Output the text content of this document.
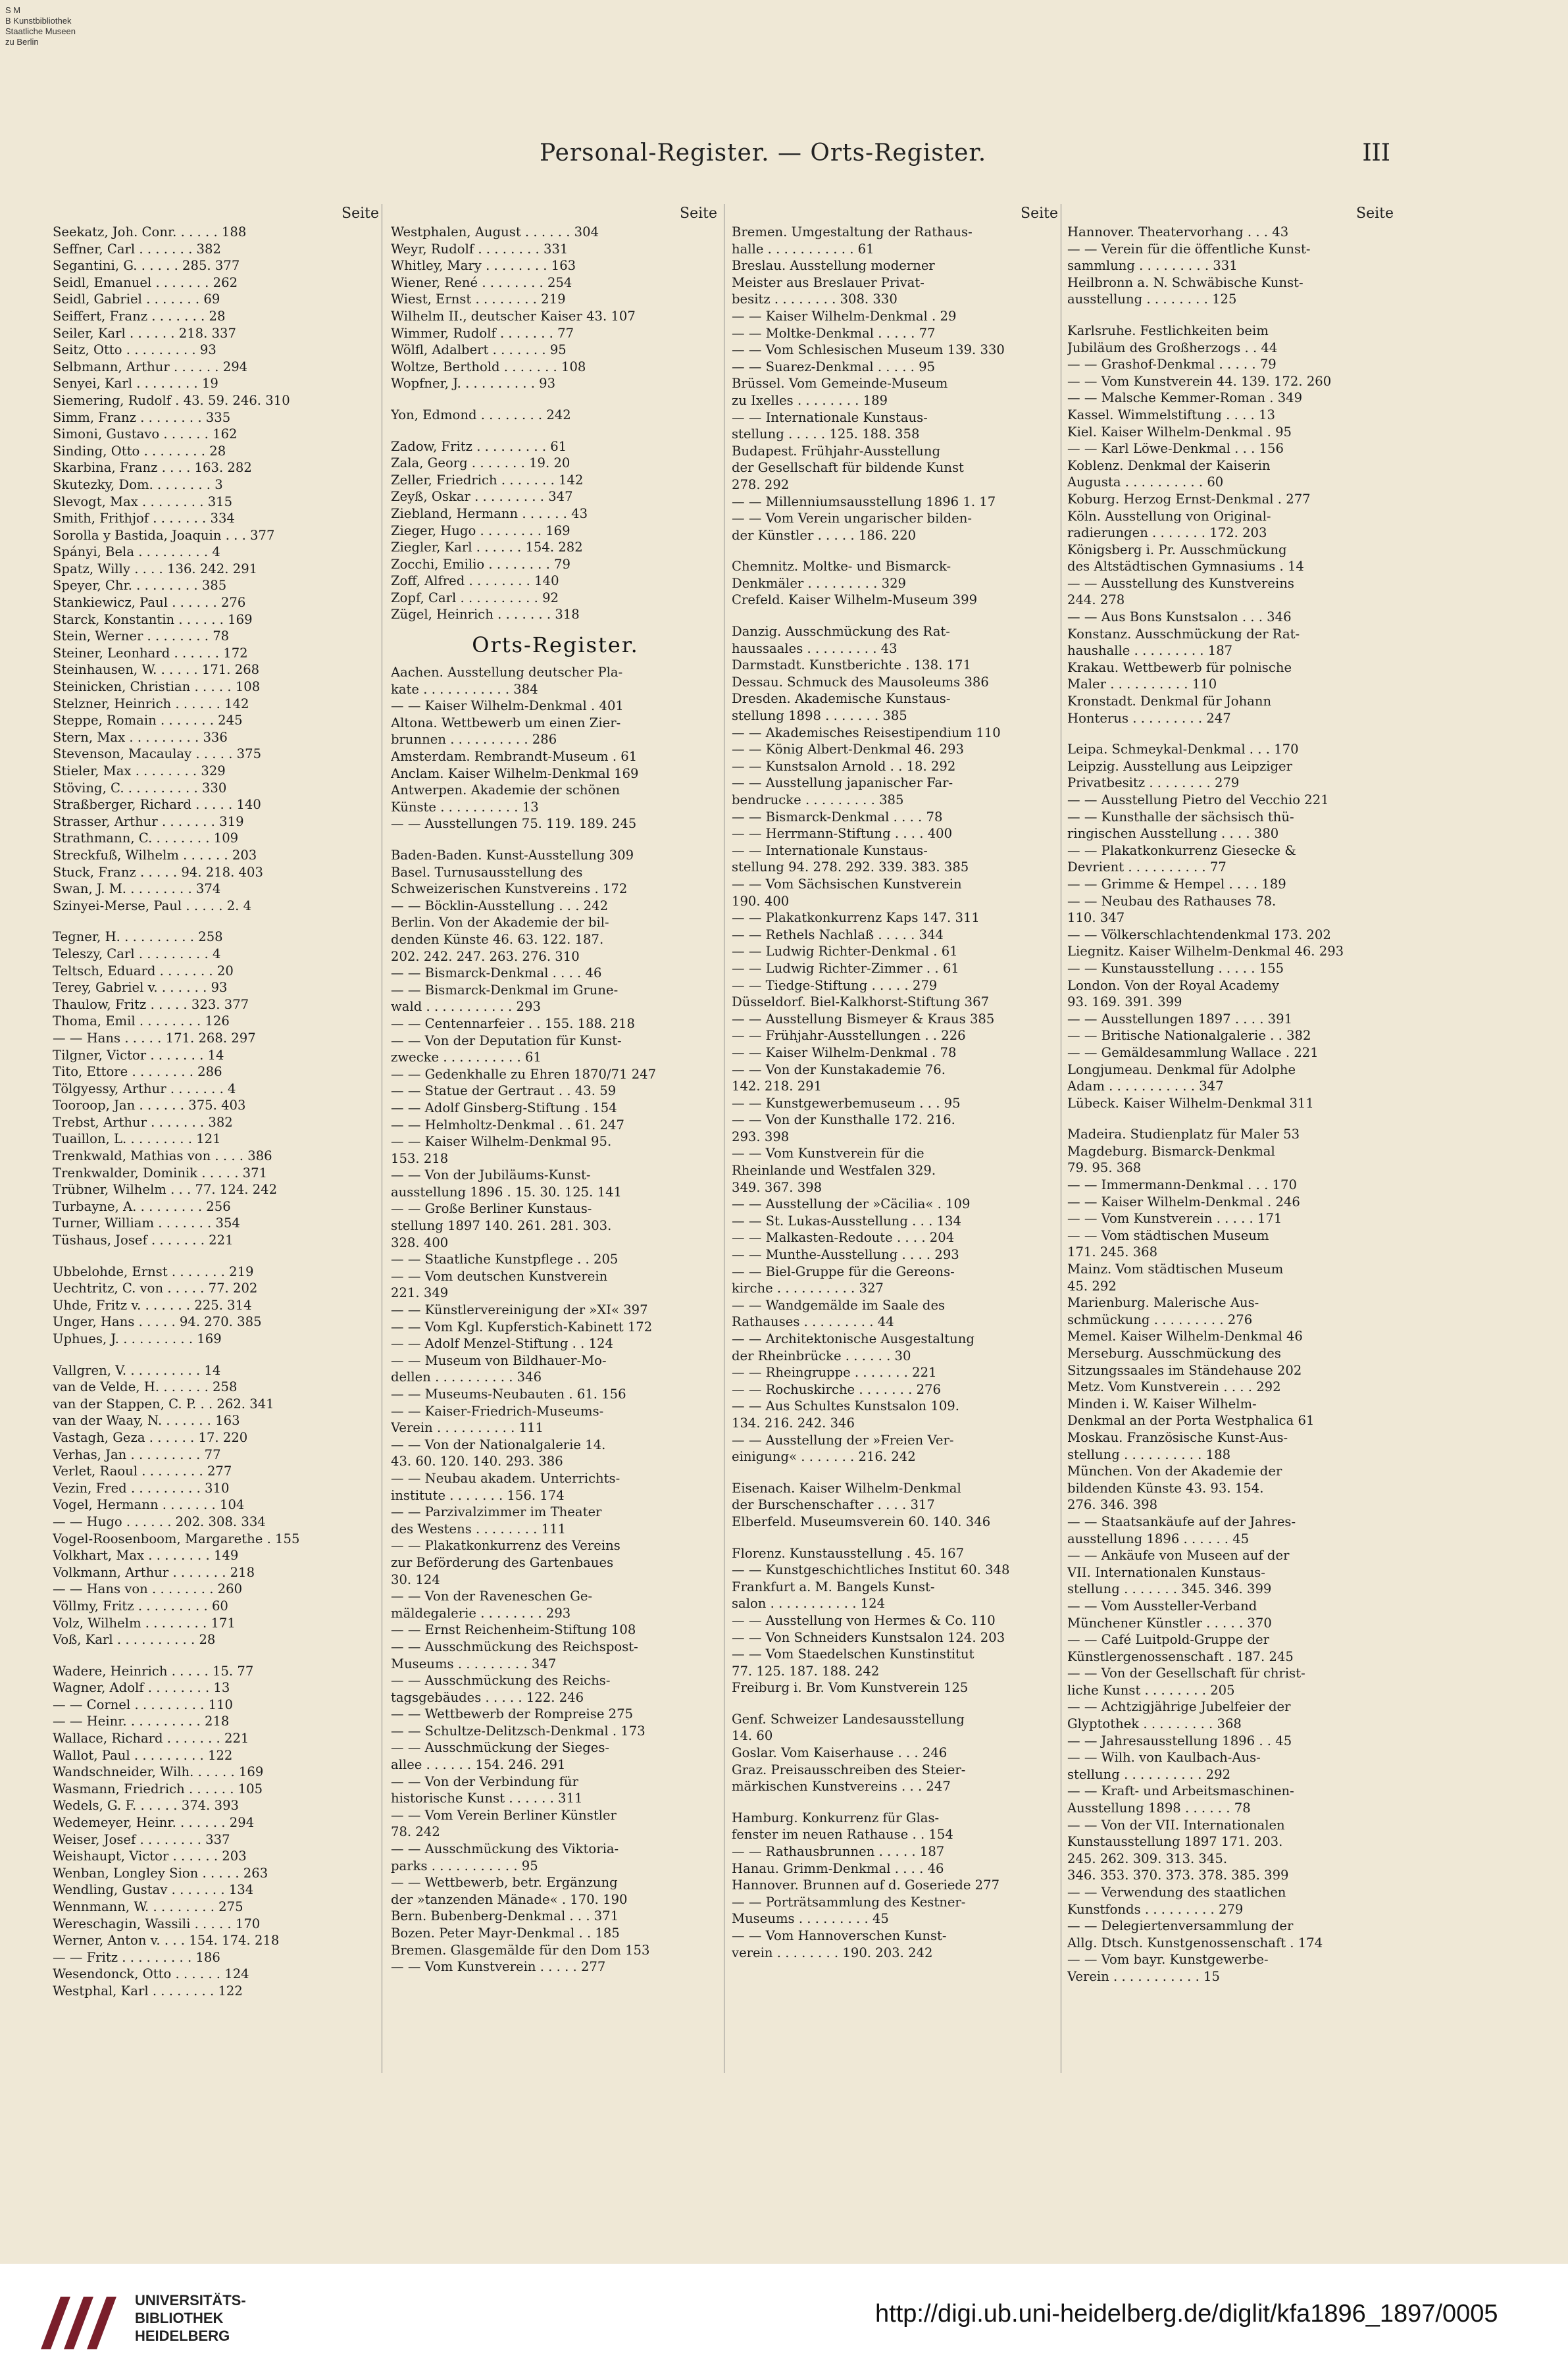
S M
B Kunstbibliothek
Staatliche Museen
zu Berlin
Personal-Register. — Orts-Register.	III
Seite
Seekatz, Joh. Conr. . . . . . 188
Seffner, Carl . . . . . . . 382
Segantini, G. . . . . . 285. 377
Seidl, Emanuel . . . . . . . 262
Seidl, Gabriel . . . . . . . 69
Seiffert, Franz . . . . . . . 28
Seiler, Karl . . . . . . 218. 337
Seitz, Otto . . . . . . . . . 93
Selbmann, Arthur . . . . . . 294
Senyei, Karl . . . . . . . . 19
Siemering, Rudolf . 43. 59. 246. 310
Simm, Franz . . . . . . . . 335
Simoni, Gustavo . . . . . . 162
Sinding, Otto . . . . . . . . 28
Skarbina, Franz . . . . 163. 282
Skutezky, Dom. . . . . . . . 3
Slevogt, Max . . . . . . . . 315
Smith, Frithjof . . . . . . . 334
Sorolla y Bastida, Joaquin . . . 377
Spányi, Bela . . . . . . . . . 4
Spatz, Willy . . . . 136. 242. 291
Speyer, Chr. . . . . . . . . 385
Stankiewicz, Paul . . . . . . 276
Starck, Konstantin . . . . . . 169
Stein, Werner . . . . . . . . 78
Steiner, Leonhard . . . . . . 172
Steinhausen, W. . . . . . 171. 268
Steinicken, Christian . . . . . 108
Stelzner, Heinrich . . . . . . 142
Steppe, Romain . . . . . . . 245
Stern, Max . . . . . . . . . 336
Stevenson, Macaulay . . . . . 375
Stieler, Max . . . . . . . . 329
Stöving, C. . . . . . . . . . 330
Straßberger, Richard . . . . . 140
Strasser, Arthur . . . . . . . 319
Strathmann, C. . . . . . . . 109
Streckfuß, Wilhelm . . . . . . 203
Stuck, Franz . . . . . 94. 218. 403
Swan, J. M. . . . . . . . . 374
Szinyei-Merse, Paul . . . . . 2. 4
Tegner, H. . . . . . . . . . 258
Teleszy, Carl . . . . . . . . . 4
Teltsch, Eduard . . . . . . . 20
Terey, Gabriel v. . . . . . . 93
Thaulow, Fritz . . . . . 323. 377
Thoma, Emil . . . . . . . . 126
— — Hans . . . . . 171. 268. 297
Tilgner, Victor . . . . . . . 14
Tito, Ettore . . . . . . . . 286
Tölgyessy, Arthur . . . . . . . 4
Tooroop, Jan . . . . . . 375. 403
Trebst, Arthur . . . . . . . 382
Tuaillon, L. . . . . . . . . 121
Trenkwald, Mathias von . . . . 386
Trenkwalder, Dominik . . . . . 371
Trübner, Wilhelm . . . 77. 124. 242
Turbayne, A. . . . . . . . . 256
Turner, William . . . . . . . 354
Tüshaus, Josef . . . . . . . 221
Ubbelohde, Ernst . . . . . . . 219
Uechtritz, C. von . . . . . 77. 202
Uhde, Fritz v. . . . . . . 225. 314
Unger, Hans . . . . . 94. 270. 385
Uphues, J. . . . . . . . . . 169
Vallgren, V. . . . . . . . . . 14
van de Velde, H. . . . . . . 258
van der Stappen, C. P. . . 262. 341
van der Waay, N. . . . . . . 163
Vastagh, Geza . . . . . . 17. 220
Verhas, Jan . . . . . . . . . 77
Verlet, Raoul . . . . . . . . 277
Vezin, Fred . . . . . . . . . 310
Vogel, Hermann . . . . . . . 104
— — Hugo . . . . . . 202. 308. 334
Vogel-Roosenboom, Margarethe . 155
Volkhart, Max . . . . . . . . 149
Volkmann, Arthur . . . . . . . 218
— — Hans von . . . . . . . . 260
Völlmy, Fritz . . . . . . . . . 60
Volz, Wilhelm . . . . . . . . 171
Voß, Karl . . . . . . . . . . 28
Wadere, Heinrich . . . . . 15. 77
Wagner, Adolf . . . . . . . . 13
— — Cornel . . . . . . . . . 110
— — Heinr. . . . . . . . . . 218
Wallace, Richard . . . . . . . 221
Wallot, Paul . . . . . . . . . 122
Wandschneider, Wilh. . . . . . 169
Wasmann, Friedrich . . . . . . 105
Wedels, G. F. . . . . . 374. 393
Wedemeyer, Heinr. . . . . . . 294
Weiser, Josef . . . . . . . . 337
Weishaupt, Victor . . . . . . 203
Wenban, Longley Sion . . . . . 263
Wendling, Gustav . . . . . . . 134
Wennmann, W. . . . . . . . . 275
Wereschagin, Wassili . . . . . 170
Werner, Anton v. . . . 154. 174. 218
— — Fritz . . . . . . . . . 186
Wesendonck, Otto . . . . . . 124
Westphal, Karl . . . . . . . . 122
Seite
Westphalen, August . . . . . . 304
Weyr, Rudolf . . . . . . . . 331
Whitley, Mary . . . . . . . . 163
Wiener, René . . . . . . . . 254
Wiest, Ernst . . . . . . . . 219
Wilhelm II., deutscher Kaiser 43. 107
Wimmer, Rudolf . . . . . . . 77
Wölfl, Adalbert . . . . . . . 95
Woltze, Berthold . . . . . . . 108
Wopfner, J. . . . . . . . . . 93
Yon, Edmond . . . . . . . . 242
Zadow, Fritz . . . . . . . . . 61
Zala, Georg . . . . . . . 19. 20
Zeller, Friedrich . . . . . . . 142
Zeyß, Oskar . . . . . . . . . 347
Ziebland, Hermann . . . . . . 43
Zieger, Hugo . . . . . . . . 169
Ziegler, Karl . . . . . . 154. 282
Zocchi, Emilio . . . . . . . . 79
Zoff, Alfred . . . . . . . . 140
Zopf, Carl . . . . . . . . . . 92
Zügel, Heinrich . . . . . . . 318
Orts-Register.
Aachen. Ausstellung deutscher Pla-
kate . . . . . . . . . . . 384
— — Kaiser Wilhelm-Denkmal . 401
Altona. Wettbewerb um einen Zier-
brunnen . . . . . . . . . . 286
Amsterdam. Rembrandt-Museum . 61
Anclam. Kaiser Wilhelm-Denkmal 169
Antwerpen. Akademie der schönen
Künste . . . . . . . . . . 13
— — Ausstellungen 75. 119. 189. 245
Baden-Baden. Kunst-Ausstellung 309
Basel. Turnusausstellung des
Schweizerischen Kunstvereins . 172
— — Böcklin-Ausstellung . . . 242
Berlin. Von der Akademie der bil-
denden Künste 46. 63. 122. 187.
202. 242. 247. 263. 276. 310
— — Bismarck-Denkmal . . . . 46
— — Bismarck-Denkmal im Grune-
wald . . . . . . . . . . . 293
— — Centennarfeier . . 155. 188. 218
— — Von der Deputation für Kunst-
zwecke . . . . . . . . . . 61
— — Gedenkhalle zu Ehren 1870/71 247
— — Statue der Gertraut . . 43. 59
— — Adolf Ginsberg-Stiftung . 154
— — Helmholtz-Denkmal . . 61. 247
— — Kaiser Wilhelm-Denkmal 95.
153. 218
— — Von der Jubiläums-Kunst-
ausstellung 1896 . 15. 30. 125. 141
— — Große Berliner Kunstaus-
stellung 1897 140. 261. 281. 303.
328. 400
— — Staatliche Kunstpflege . . 205
— — Vom deutschen Kunstverein
221. 349
— — Künstlervereinigung der »XI« 397
— — Vom Kgl. Kupferstich-Kabinett 172
— — Adolf Menzel-Stiftung . . 124
— — Museum von Bildhauer-Mo-
dellen . . . . . . . . . . 346
— — Museums-Neubauten . 61. 156
— — Kaiser-Friedrich-Museums-
Verein . . . . . . . . . . 111
— — Von der Nationalgalerie 14.
43. 60. 120. 140. 293. 386
— — Neubau akadem. Unterrichts-
institute . . . . . . . 156. 174
— — Parzivalzimmer im Theater
des Westens . . . . . . . . 111
— — Plakatkonkurrenz des Vereins
zur Beförderung des Gartenbaues
30. 124
— — Von der Raveneschen Ge-
mäldegalerie . . . . . . . . 293
— — Ernst Reichenheim-Stiftung 108
— — Ausschmückung des Reichspost-
Museums . . . . . . . . . 347
— — Ausschmückung des Reichs-
tagsgebäudes . . . . . 122. 246
— — Wettbewerb der Rompreise 275
— — Schultze-Delitzsch-Denkmal . 173
— — Ausschmückung der Sieges-
allee . . . . . . 154. 246. 291
— — Von der Verbindung für
historische Kunst . . . . . . 311
— — Vom Verein Berliner Künstler
78. 242
— — Ausschmückung des Viktoria-
parks . . . . . . . . . . . 95
— — Wettbewerb, betr. Ergänzung
der »tanzenden Mänade« . 170. 190
Bern. Bubenberg-Denkmal . . . 371
Bozen. Peter Mayr-Denkmal . . 185
Bremen. Glasgemälde für den Dom 153
— — Vom Kunstverein . . . . . 277
Seite
Bremen. Umgestaltung der Rathaus-
halle . . . . . . . . . . . 61
Breslau. Ausstellung moderner
Meister aus Breslauer Privat-
besitz . . . . . . . . 308. 330
— — Kaiser Wilhelm-Denkmal . 29
— — Moltke-Denkmal . . . . . 77
— — Vom Schlesischen Museum 139. 330
— — Suarez-Denkmal . . . . . 95
Brüssel. Vom Gemeinde-Museum
zu Ixelles . . . . . . . . 189
— — Internationale Kunstaus-
stellung . . . . . 125. 188. 358
Budapest. Frühjahr-Ausstellung
der Gesellschaft für bildende Kunst
278. 292
— — Millenniumsausstellung 1896 1. 17
— — Vom Verein ungarischer bilden-
der Künstler . . . . . 186. 220
Chemnitz. Moltke- und Bismarck-
Denkmäler . . . . . . . . . 329
Crefeld. Kaiser Wilhelm-Museum 399
Danzig. Ausschmückung des Rat-
haussaales . . . . . . . . . 43
Darmstadt. Kunstberichte . 138. 171
Dessau. Schmuck des Mausoleums 386
Dresden. Akademische Kunstaus-
stellung 1898 . . . . . . . 385
— — Akademisches Reisestipendium 110
— — König Albert-Denkmal 46. 293
— — Kunstsalon Arnold . . 18. 292
— — Ausstellung japanischer Far-
bendrucke . . . . . . . . . 385
— — Bismarck-Denkmal . . . . 78
— — Herrmann-Stiftung . . . . 400
— — Internationale Kunstaus-
stellung 94. 278. 292. 339. 383. 385
— — Vom Sächsischen Kunstverein
190. 400
— — Plakatkonkurrenz Kaps 147. 311
— — Rethels Nachlaß . . . . . 344
— — Ludwig Richter-Denkmal . 61
— — Ludwig Richter-Zimmer . . 61
— — Tiedge-Stiftung . . . . . 279
Düsseldorf. Biel-Kalkhorst-Stiftung 367
— — Ausstellung Bismeyer & Kraus 385
— — Frühjahr-Ausstellungen . . 226
— — Kaiser Wilhelm-Denkmal . 78
— — Von der Kunstakademie 76.
142. 218. 291
— — Kunstgewerbemuseum . . . 95
— — Von der Kunsthalle 172. 216.
293. 398
— — Vom Kunstverein für die
Rheinlande und Westfalen 329.
349. 367. 398
— — Ausstellung der »Cäcilia« . 109
— — St. Lukas-Ausstellung . . . 134
— — Malkasten-Redoute . . . . 204
— — Munthe-Ausstellung . . . . 293
— — Biel-Gruppe für die Gereons-
kirche . . . . . . . . . . 327
— — Wandgemälde im Saale des
Rathauses . . . . . . . . . 44
— — Architektonische Ausgestaltung
der Rheinbrücke . . . . . . 30
— — Rheingruppe . . . . . . . 221
— — Rochuskirche . . . . . . . 276
— — Aus Schultes Kunstsalon 109.
134. 216. 242. 346
— — Ausstellung der »Freien Ver-
einigung« . . . . . . . 216. 242
Eisenach. Kaiser Wilhelm-Denkmal
der Burschenschafter . . . . 317
Elberfeld. Museumsverein 60. 140. 346
Florenz. Kunstausstellung . 45. 167
— — Kunstgeschichtliches Institut 60. 348
Frankfurt a. M. Bangels Kunst-
salon . . . . . . . . . . . 124
— — Ausstellung von Hermes & Co. 110
— — Von Schneiders Kunstsalon 124. 203
— — Vom Staedelschen Kunstinstitut
77. 125. 187. 188. 242
Freiburg i. Br. Vom Kunstverein 125
Genf. Schweizer Landesausstellung
14. 60
Goslar. Vom Kaiserhause . . . 246
Graz. Preisausschreiben des Steier-
märkischen Kunstvereins . . . 247
Hamburg. Konkurrenz für Glas-
fenster im neuen Rathause . . 154
— — Rathausbrunnen . . . . . 187
Hanau. Grimm-Denkmal . . . . 46
Hannover. Brunnen auf d. Goseriede 277
— — Porträtsammlung des Kestner-
Museums . . . . . . . . . 45
— — Vom Hannoverschen Kunst-
verein . . . . . . . . 190. 203. 242
Seite
Hannover. Theatervorhang . . . 43
— — Verein für die öffentliche Kunst-
sammlung . . . . . . . . . 331
Heilbronn a. N. Schwäbische Kunst-
ausstellung . . . . . . . . 125
Karlsruhe. Festlichkeiten beim
Jubiläum des Großherzogs . . 44
— — Grashof-Denkmal . . . . . 79
— — Vom Kunstverein 44. 139. 172. 260
— — Malsche Kemmer-Roman . 349
Kassel. Wimmelstiftung . . . . 13
Kiel. Kaiser Wilhelm-Denkmal . 95
— — Karl Löwe-Denkmal . . . 156
Koblenz. Denkmal der Kaiserin
Augusta . . . . . . . . . . 60
Koburg. Herzog Ernst-Denkmal . 277
Köln. Ausstellung von Original-
radierungen . . . . . . . 172. 203
Königsberg i. Pr. Ausschmückung
des Altstädtischen Gymnasiums . 14
— — Ausstellung des Kunstvereins
244. 278
— — Aus Bons Kunstsalon . . . 346
Konstanz. Ausschmückung der Rat-
haushalle . . . . . . . . . 187
Krakau. Wettbewerb für polnische
Maler . . . . . . . . . . 110
Kronstadt. Denkmal für Johann
Honterus . . . . . . . . . 247
Leipa. Schmeykal-Denkmal . . . 170
Leipzig. Ausstellung aus Leipziger
Privatbesitz . . . . . . . . 279
— — Ausstellung Pietro del Vecchio 221
— — Kunsthalle der sächsisch thü-
ringischen Ausstellung . . . . 380
— — Plakatkonkurrenz Giesecke &
Devrient . . . . . . . . . . 77
— — Grimme & Hempel . . . . 189
— — Neubau des Rathauses 78.
110. 347
— — Völkerschlachtendenkmal 173. 202
Liegnitz. Kaiser Wilhelm-Denkmal 46. 293
— — Kunstausstellung . . . . . 155
London. Von der Royal Academy
93. 169. 391. 399
— — Ausstellungen 1897 . . . . 391
— — Britische Nationalgalerie . . 382
— — Gemäldesammlung Wallace . 221
Longjumeau. Denkmal für Adolphe
Adam . . . . . . . . . . . 347
Lübeck. Kaiser Wilhelm-Denkmal 311
Madeira. Studienplatz für Maler 53
Magdeburg. Bismarck-Denkmal
79. 95. 368
— — Immermann-Denkmal . . . 170
— — Kaiser Wilhelm-Denkmal . 246
— — Vom Kunstverein . . . . . 171
— — Vom städtischen Museum
171. 245. 368
Mainz. Vom städtischen Museum
45. 292
Marienburg. Malerische Aus-
schmückung . . . . . . . . . 276
Memel. Kaiser Wilhelm-Denkmal 46
Merseburg. Ausschmückung des
Sitzungssaales im Ständehause 202
Metz. Vom Kunstverein . . . . 292
Minden i. W. Kaiser Wilhelm-
Denkmal an der Porta Westphalica 61
Moskau. Französische Kunst-Aus-
stellung . . . . . . . . . . 188
München. Von der Akademie der
bildenden Künste 43. 93. 154.
276. 346. 398
— — Staatsankäufe auf der Jahres-
ausstellung 1896 . . . . . . 45
— — Ankäufe von Museen auf der
VII. Internationalen Kunstaus-
stellung . . . . . . . 345. 346. 399
— — Vom Aussteller-Verband
Münchener Künstler . . . . . 370
— — Café Luitpold-Gruppe der
Künstlergenossenschaft . 187. 245
— — Von der Gesellschaft für christ-
liche Kunst . . . . . . . . 205
— — Achtzigjährige Jubelfeier der
Glyptothek . . . . . . . . . 368
— — Jahresausstellung 1896 . . 45
— — Wilh. von Kaulbach-Aus-
stellung . . . . . . . . . . 292
— — Kraft- und Arbeitsmaschinen-
Ausstellung 1898 . . . . . . 78
— — Von der VII. Internationalen
Kunstausstellung 1897 171. 203.
245. 262. 309. 313. 345.
346. 353. 370. 373. 378. 385. 399
— — Verwendung des staatlichen
Kunstfonds . . . . . . . . . 279
— — Delegiertenversammlung der
Allg. Dtsch. Kunstgenossenschaft . 174
— — Vom bayr. Kunstgewerbe-
Verein . . . . . . . . . . . 15
UNIVERSITÄTS-
BIBLIOTHEK
HEIDELBERG
http://digi.ub.uni-heidelberg.de/diglit/kfa1896_1897/0005
